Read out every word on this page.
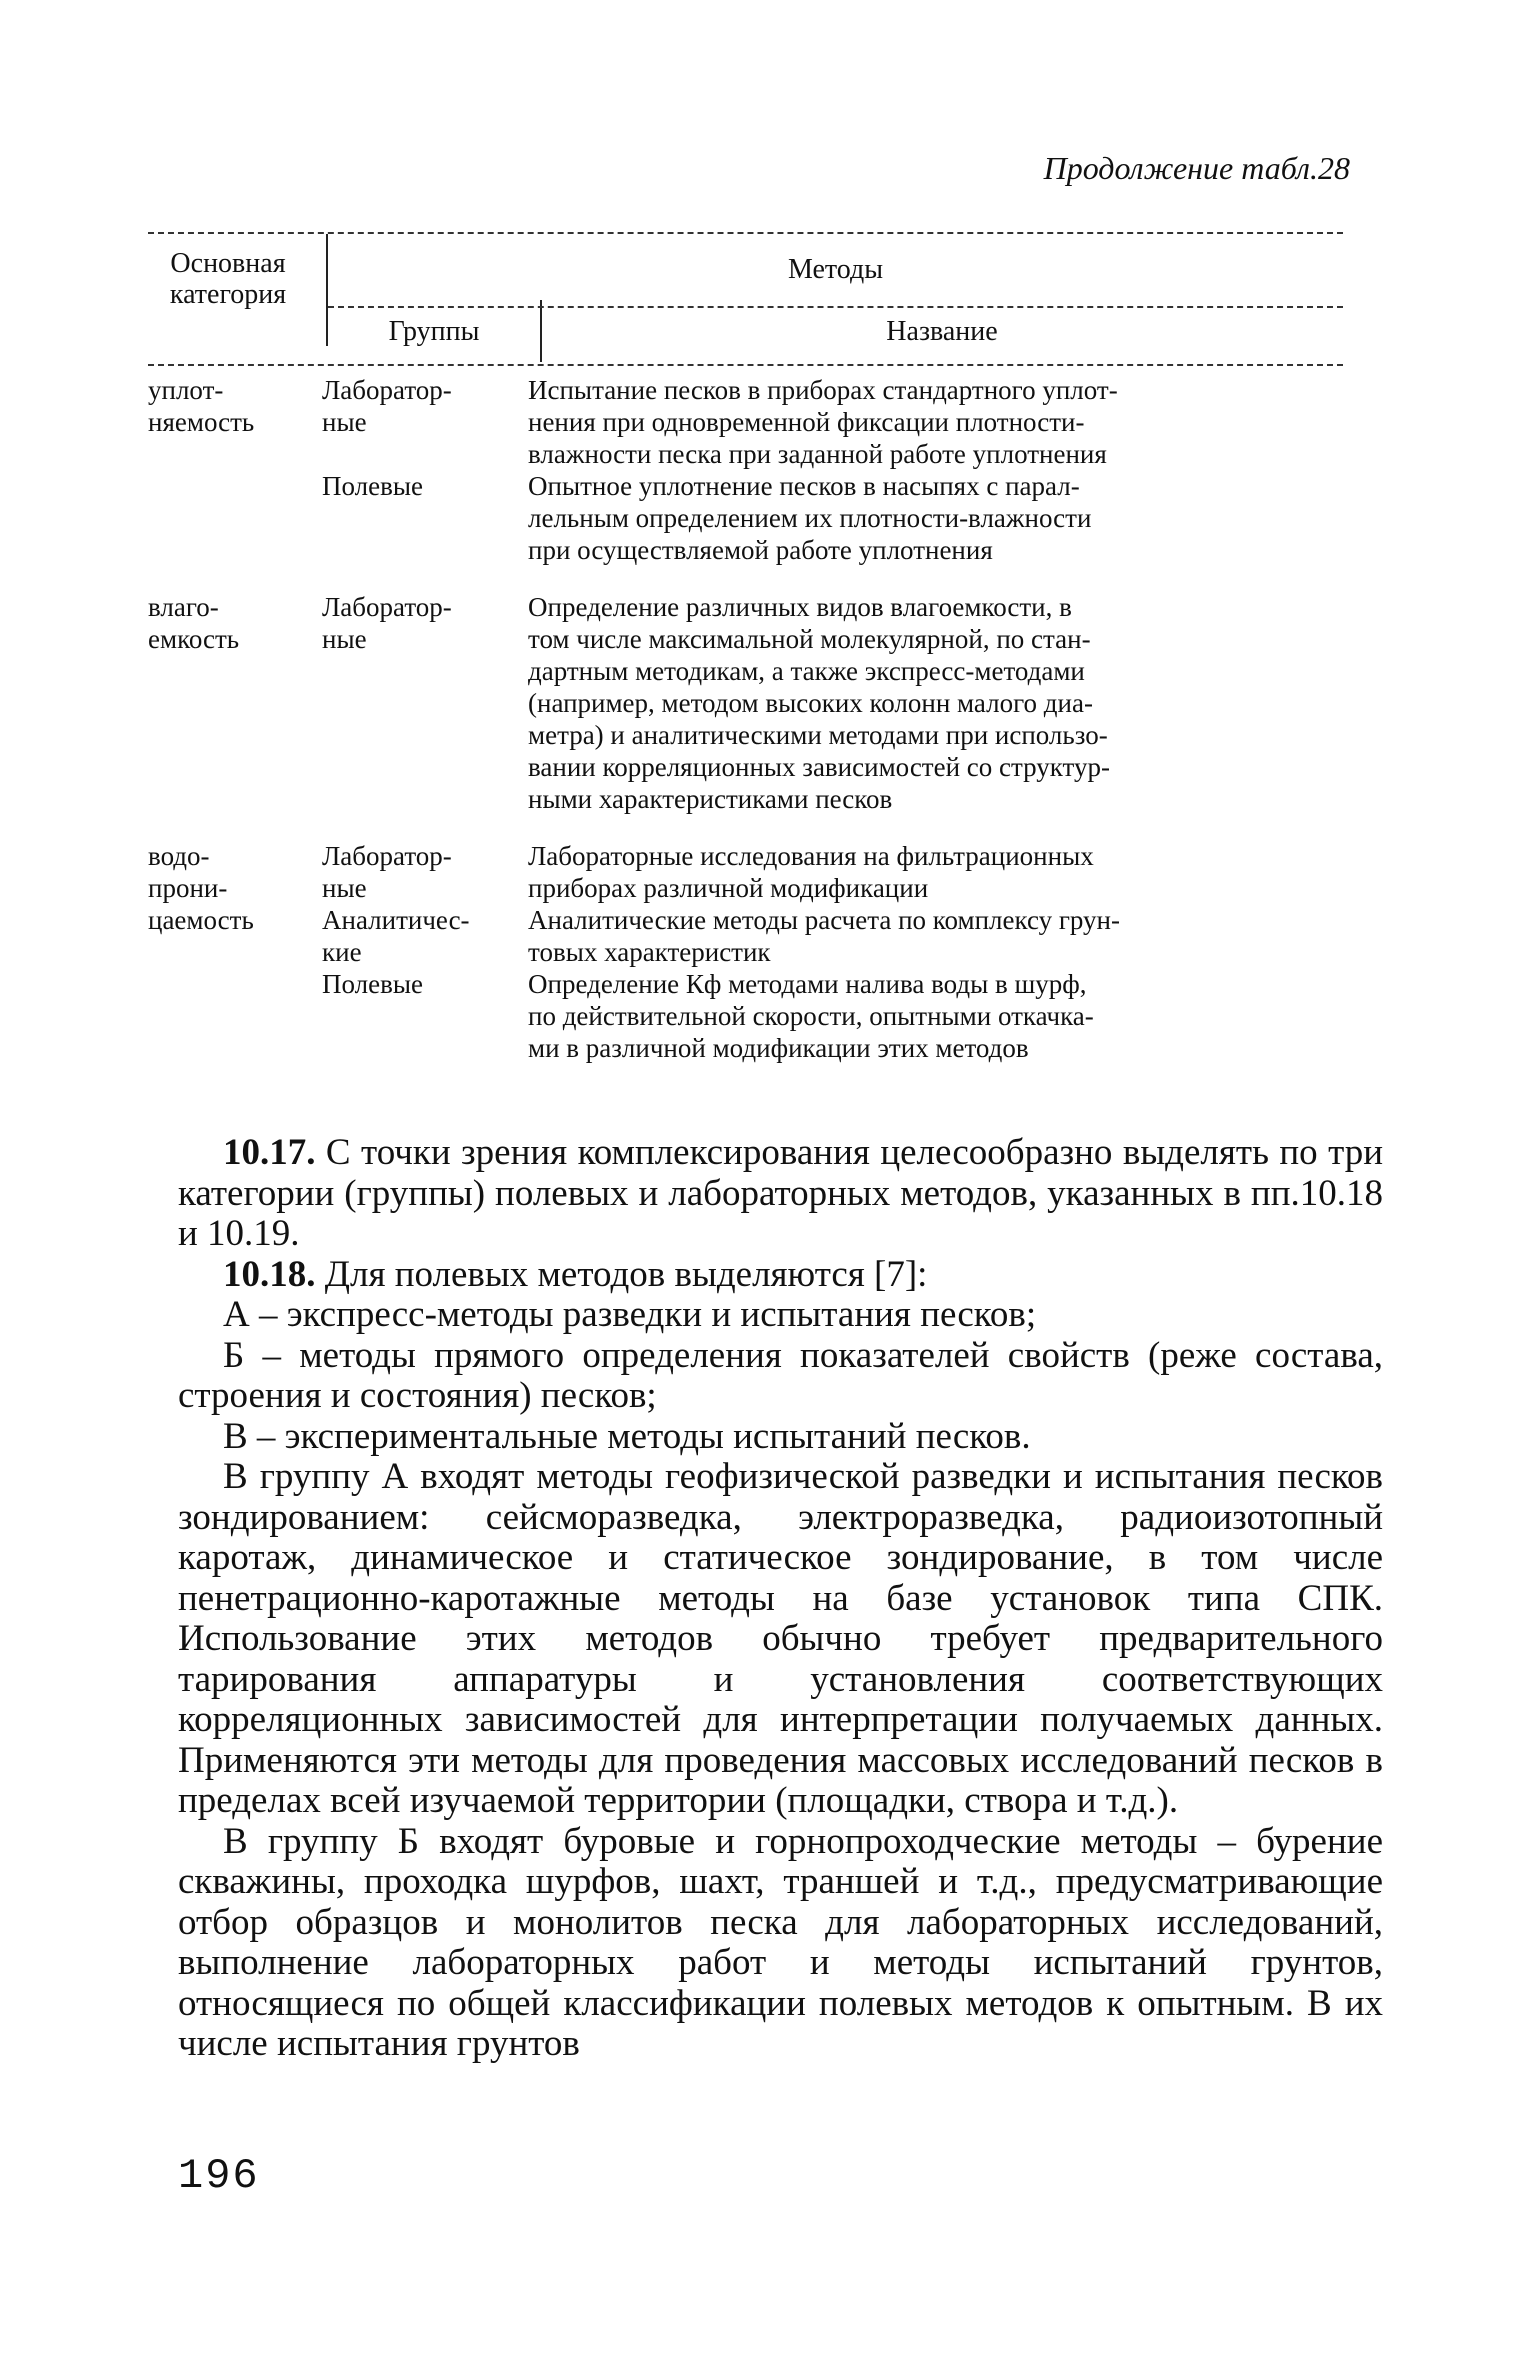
Продолжение табл.28
Основная категория
Методы
Группы	Название
уплот-	Лаборатор-	Испытание песков в приборах стандартного уплот-
няемость	ные	нения при одновременной фиксации плотности-
влажности песка при заданной работе уплотнения
Полевые	Опытное уплотнение песков в насыпях с парал-
лельным определением их плотности-влажности
при осуществляемой работе уплотнения
влаго-	Лаборатор-	Определение различных видов влагоемкости, в
емкость	ные	том числе максимальной молекулярной, по стан-
дартным методикам, а также экспресс-методами
(например, методом высоких колонн малого диа-
метра) и аналитическими методами при использо-
вании корреляционных зависимостей со структур-
ными характеристиками песков
водо-	Лаборатор-	Лабораторные исследования на фильтрационных
прони-	ные	приборах различной модификации
цаемость	Аналитичес-	Аналитические методы расчета по комплексу грун-
кие	товых характеристик
Полевые	Определение Кф методами налива воды в шурф,
по действительной скорости, опытными откачка-
ми в различной модификации этих методов

10.17. С точки зрения комплексирования целесообразно выделять по три категории (группы) полевых и лабораторных методов, указанных в пп.10.18 и 10.19.

10.18. Для полевых методов выделяются [7]:

А – экспресс-методы разведки и испытания песков;

Б – методы прямого определения показателей свойств (реже состава, строения и состояния) песков;

В – экспериментальные методы испытаний песков.

В группу А входят методы геофизической разведки и испытания песков зондированием: сейсморазведка, электроразведка, радиоизотопный каротаж, динамическое и статическое зондирование, в том числе пенетрационно-каротажные методы на базе установок типа СПК. Использование этих методов обычно требует предварительного тарирования аппаратуры и установления соответствующих корреляционных зависимостей для интерпретации получаемых данных. Применяются эти методы для проведения массовых исследований песков в пределах всей изучаемой территории (площадки, створа и т.д.).

В группу Б входят буровые и горнопроходческие методы – бурение скважины, проходка шурфов, шахт, траншей и т.д., предусматривающие отбор образцов и монолитов песка для лабораторных исследований, выполнение лабораторных работ и методы испытаний грунтов, относящиеся по общей классификации полевых методов к опытным. В их числе испытания грунтов

196
